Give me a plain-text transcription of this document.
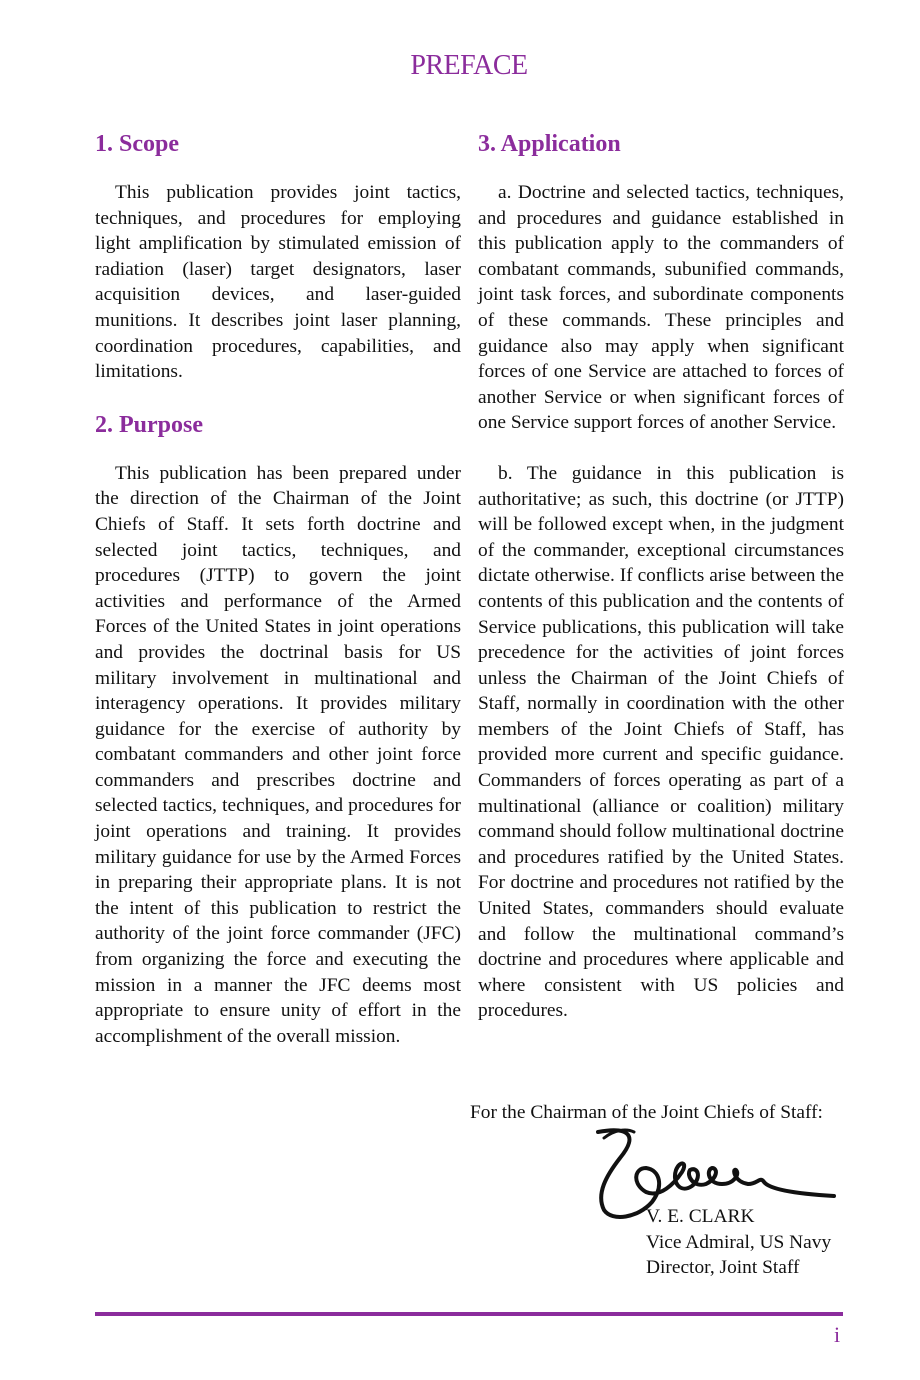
PREFACE
1. Scope

This publication provides joint tactics, techniques, and procedures for employing light amplification by stimulated emission of radiation (laser) target designators, laser acquisition devices, and laser-guided munitions. It describes joint laser planning, coordination procedures, capabilities, and limitations.

2. Purpose

This publication has been prepared under the direction of the Chairman of the Joint Chiefs of Staff. It sets forth doctrine and selected joint tactics, techniques, and procedures (JTTP) to govern the joint activities and performance of the Armed Forces of the United States in joint operations and provides the doctrinal basis for US military involvement in multinational and interagency operations. It provides military guidance for the exercise of authority by combatant commanders and other joint force commanders and prescribes doctrine and selected tactics, techniques, and procedures for joint operations and training. It provides military guidance for use by the Armed Forces in preparing their appropriate plans. It is not the intent of this publication to restrict the authority of the joint force commander (JFC) from organizing the force and executing the mission in a manner the JFC deems most appropriate to ensure unity of effort in the accomplishment of the overall mission.

3. Application

a. Doctrine and selected tactics, techniques, and procedures and guidance established in this publication apply to the commanders of combatant commands, subunified commands, joint task forces, and subordinate components of these commands. These principles and guidance also may apply when significant forces of one Service are attached to forces of another Service or when significant forces of one Service support forces of another Service.

b. The guidance in this publication is authoritative; as such, this doctrine (or JTTP) will be followed except when, in the judgment of the commander, exceptional circumstances dictate otherwise. If conflicts arise between the contents of this publication and the contents of Service publications, this publication will take precedence for the activities of joint forces unless the Chairman of the Joint Chiefs of Staff, normally in coordination with the other members of the Joint Chiefs of Staff, has provided more current and specific guidance. Commanders of forces operating as part of a multinational (alliance or coalition) military command should follow multinational doctrine and procedures ratified by the United States. For doctrine and procedures not ratified by the United States, commanders should evaluate and follow the multinational command’s doctrine and procedures where applicable and where consistent with US policies and procedures.

For the Chairman of the Joint Chiefs of Staff:
V. E. CLARK
Vice Admiral, US Navy
Director, Joint Staff
i
